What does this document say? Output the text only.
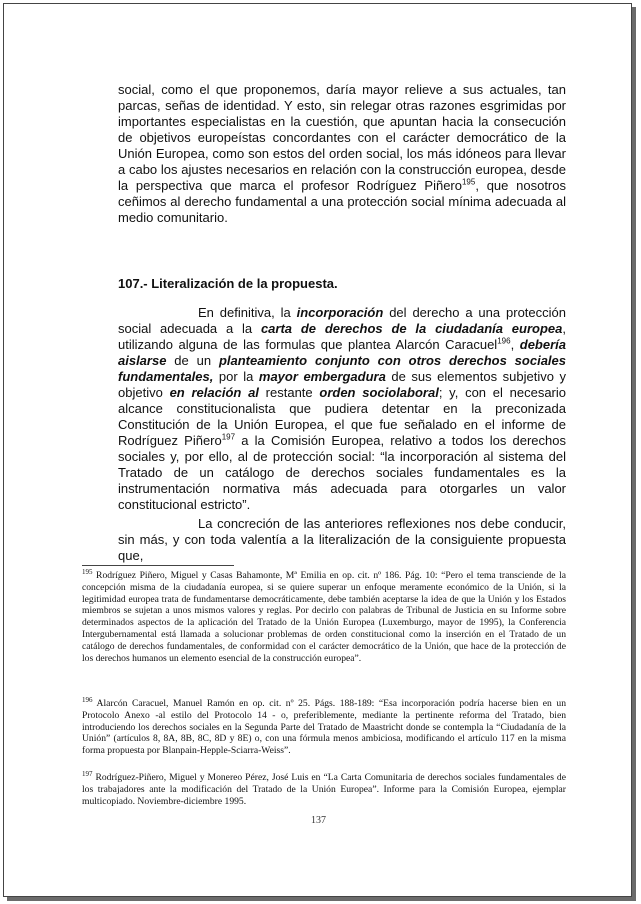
social, como el que proponemos, daría mayor relieve a sus actuales, tan parcas, señas de identidad. Y esto, sin relegar otras razones esgrimidas por importantes especialistas en la cuestión, que apuntan hacia la consecución de objetivos europeístas concordantes con el carácter democrático de la Unión Europea, como son estos del orden social, los más idóneos para llevar a cabo los ajustes necesarios en relación con la construcción europea, desde la perspectiva que marca el profesor Rodríguez Piñero$^{195}$, que nosotros ceñimos al derecho fundamental a una protección social mínima adecuada al medio comunitario.

107.- Literalización de la propuesta.

En definitiva, la incorporación del derecho a una protección social adecuada a la carta de derechos de la ciudadanía europea, utilizando alguna de las formulas que plantea Alarcón Caracuel$^{196}$, debería aislarse de un planteamiento conjunto con otros derechos sociales fundamentales, por la mayor embergadura de sus elementos subjetivo y objetivo en relación al restante orden sociolaboral; y, con el necesario alcance constitucionalista que pudiera detentar en la preconizada Constitución de la Unión Europea, el que fue señalado en el informe de Rodríguez Piñero$^{197}$ a la Comisión Europea, relativo a todos los derechos sociales y, por ello, al de protección social: “la incorporación al sistema del Tratado de un catálogo de derechos sociales fundamentales es la instrumentación normativa más adecuada para otorgarles un valor constitucional estricto”.

La concreción de las anteriores reflexiones nos debe conducir, sin más, y con toda valentía a la literalización de la consiguiente propuesta que,

$^{195}$ Rodríguez Piñero, Miguel y Casas Bahamonte, Mª Emilia en op. cit. nº 186. Pág. 10: “Pero el tema transciende de la concepción misma de la ciudadanía europea, si se quiere superar un enfoque meramente económico de la Unión, si la legitimidad europea trata de fundamentarse democráticamente, debe también aceptarse la idea de que la Unión y los Estados miembros se sujetan a unos mismos valores y reglas. Por decirlo con palabras de Tribunal de Justicia en su Informe sobre determinados aspectos de la aplicación del Tratado de la Unión Europea (Luxemburgo, mayor de 1995), la Conferencia Intergubernamental está llamada a solucionar problemas de orden constitucional como la inserción en el Tratado de un catálogo de derechos fundamentales, de conformidad con el carácter democrático de la Unión, que hace de la protección de los derechos humanos un elemento esencial de la construcción europea”.

$^{196}$ Alarcón Caracuel, Manuel Ramón en op. cit. nº 25. Págs. 188-189: “Esa incorporación podría hacerse bien en un Protocolo Anexo -al estilo del Protocolo 14 - o, preferiblemente, mediante la pertinente reforma del Tratado, bien introduciendo los derechos sociales en la Segunda Parte del Tratado de Maastricht donde se contempla la “Ciudadanía de la Unión” (artículos 8, 8A, 8B, 8C, 8D y 8E) o, con una fórmula menos ambiciosa, modificando el artículo 117 en la misma forma propuesta por Blanpain-Hepple-Sciarra-Weiss”.

$^{197}$ Rodríguez-Piñero, Miguel y Monereo Pérez, José Luis en “La Carta Comunitaria de derechos sociales fundamentales de los trabajadores ante la modificación del Tratado de la Unión Europea”. Informe para la Comisión Europea, ejemplar multicopiado. Noviembre-diciembre 1995.

137
